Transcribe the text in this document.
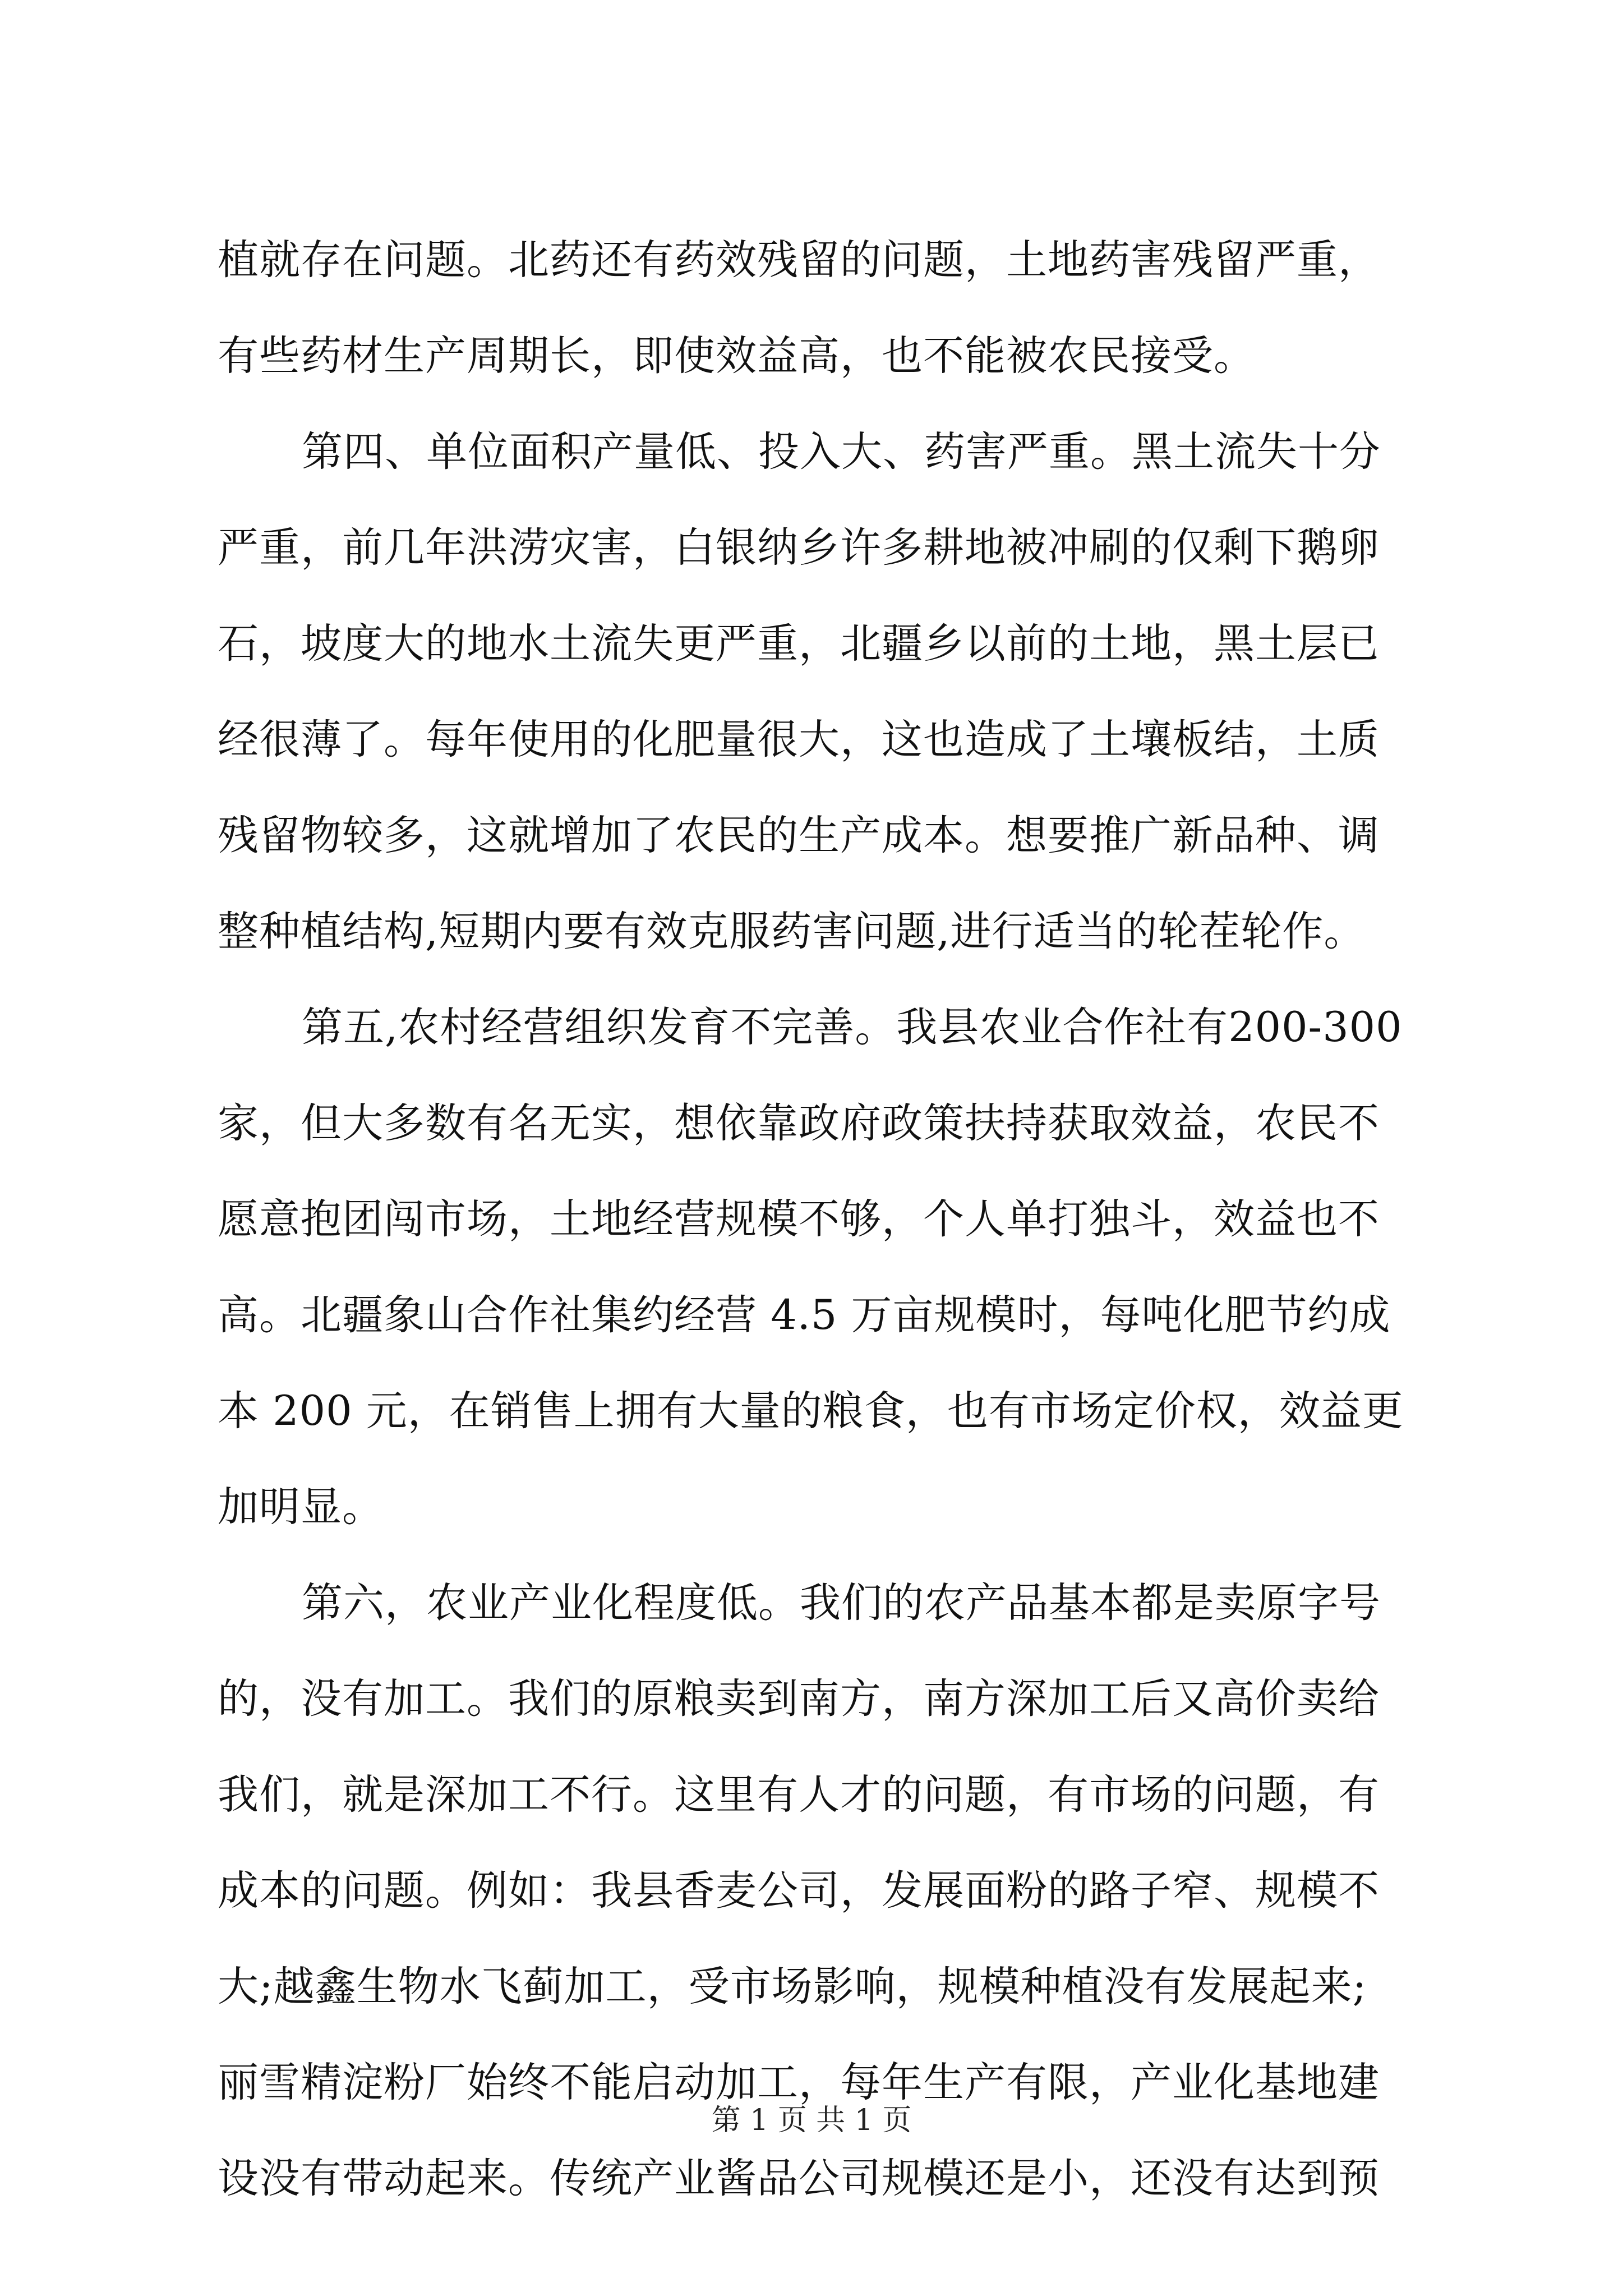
植就存在问题。北药还有药效残留的问题，土地药害残留严重，
有些药材生产周期长，即使效益高，也不能被农民接受。
第四、单位面积产量低、投入大、药害严重。黑土流失十分
严重，前几年洪涝灾害，白银纳乡许多耕地被冲刷的仅剩下鹅卵
石，坡度大的地水土流失更严重，北疆乡以前的土地，黑土层已
经很薄了。每年使用的化肥量很大，这也造成了土壤板结，土质
残留物较多，这就增加了农民的生产成本。想要推广新品种、调
整种植结构,短期内要有效克服药害问题,进行适当的轮茬轮作。
第五,农村经营组织发育不完善。我县农业合作社有200-300
家，但大多数有名无实，想依靠政府政策扶持获取效益，农民不
愿意抱团闯市场，土地经营规模不够，个人单打独斗，效益也不
高。北疆象山合作社集约经营 4.5 万亩规模时，每吨化肥节约成
本 200 元，在销售上拥有大量的粮食，也有市场定价权，效益更
加明显。
第六，农业产业化程度低。我们的农产品基本都是卖原字号
的，没有加工。我们的原粮卖到南方，南方深加工后又高价卖给
我们，就是深加工不行。这里有人才的问题，有市场的问题，有
成本的问题。例如：我县香麦公司，发展面粉的路子窄、规模不
大;越鑫生物水飞蓟加工，受市场影响，规模种植没有发展起来;
丽雪精淀粉厂始终不能启动加工，每年生产有限，产业化基地建
设没有带动起来。传统产业酱品公司规模还是小，还没有达到预
第 1 页 共 1 页
